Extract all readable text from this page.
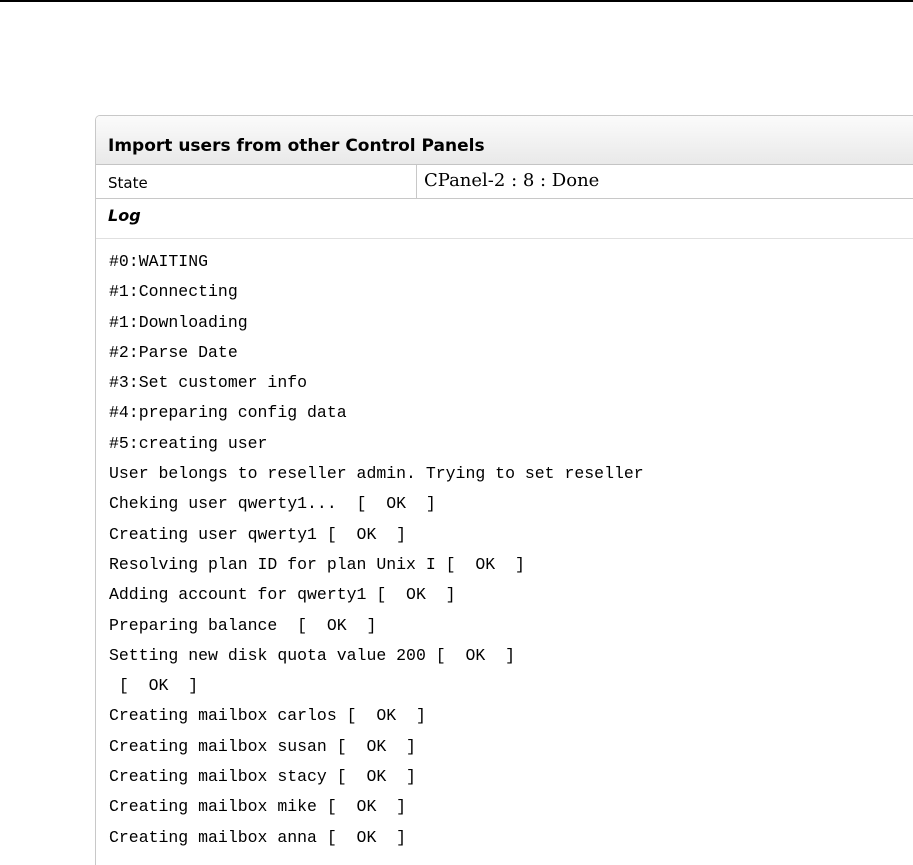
Import users from other Control Panels
State	CPanel-2 : 8 : Done
Log
#0:WAITING
#1:Connecting
#1:Downloading
#2:Parse Date
#3:Set customer info
#4:preparing config data
#5:creating user
User belongs to reseller admin. Trying to set reseller
Cheking user qwerty1...  [  OK  ]
Creating user qwerty1 [  OK  ]
Resolving plan ID for plan Unix I [  OK  ]
Adding account for qwerty1 [  OK  ]
Preparing balance  [  OK  ]
Setting new disk quota value 200 [  OK  ]
[  OK  ]
Creating mailbox carlos [  OK  ]
Creating mailbox susan [  OK  ]
Creating mailbox stacy [  OK  ]
Creating mailbox mike [  OK  ]
Creating mailbox anna [  OK  ]
